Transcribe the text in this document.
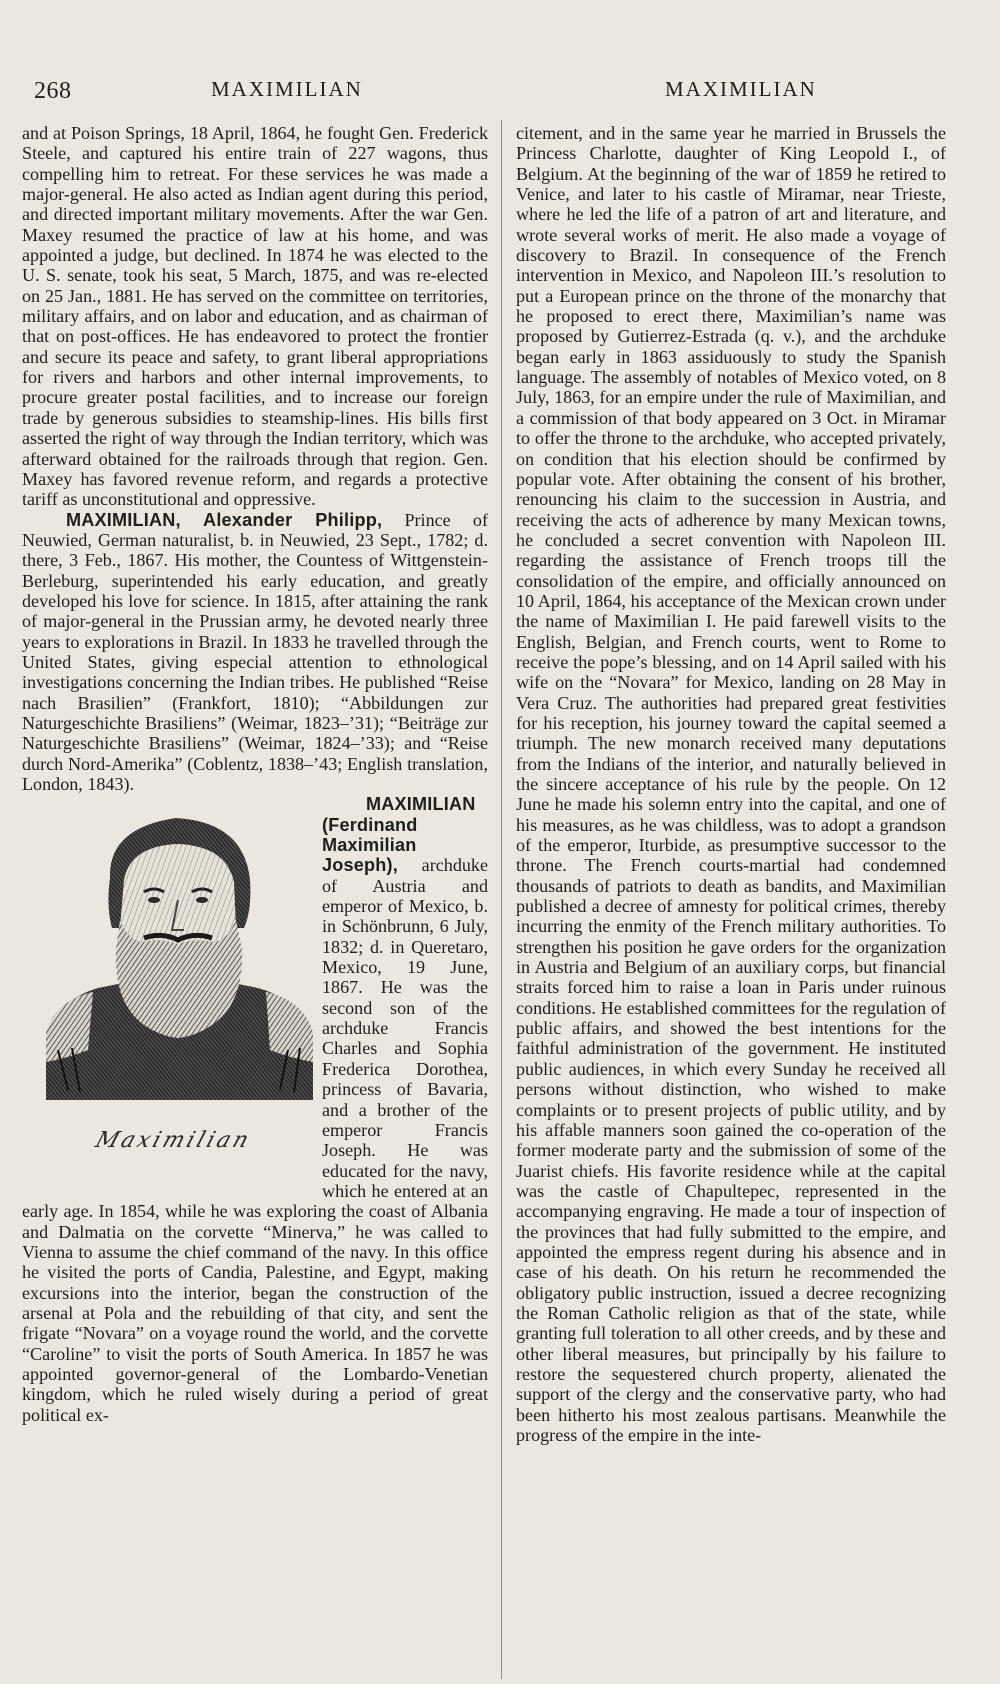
268	MAXIMILIAN	MAXIMILIAN

and at Poison Springs, 18 April, 1864, he fought Gen. Frederick Steele, and captured his entire train of 227 wagons, thus compelling him to retreat. For these services he was made a major-general. He also acted as Indian agent during this period, and directed important military movements. After the war Gen. Maxey resumed the practice of law at his home, and was appointed a judge, but declined. In 1874 he was elected to the U. S. senate, took his seat, 5 March, 1875, and was re-elected on 25 Jan., 1881. He has served on the committee on territories, military affairs, and on labor and education, and as chairman of that on post-offices. He has endeavored to protect the frontier and secure its peace and safety, to grant liberal appropriations for rivers and harbors and other internal improvements, to procure greater postal facilities, and to increase our foreign trade by generous subsidies to steamship-lines. His bills first asserted the right of way through the Indian territory, which was afterward obtained for the railroads through that region. Gen. Maxey has favored revenue reform, and regards a protective tariff as unconstitutional and oppressive.

MAXIMILIAN, Alexander Philipp, Prince of Neuwied, German naturalist, b. in Neuwied, 23 Sept., 1782; d. there, 3 Feb., 1867. His mother, the Countess of Wittgenstein-Berleburg, superintended his early education, and greatly developed his love for science. In 1815, after attaining the rank of major-general in the Prussian army, he devoted nearly three years to explorations in Brazil. In 1833 he travelled through the United States, giving especial attention to ethnological investigations concerning the Indian tribes. He published “Reise nach Brasilien” (Frankfort, 1810); “Abbildungen zur Naturgeschichte Brasiliens” (Weimar, 1823–’31); “Beiträge zur Naturgeschichte Brasiliens” (Weimar, 1824–’33); and “Reise durch Nord-Amerika” (Coblentz, 1838–’43; English translation, London, 1843).

Maximilian
MAXIMILIAN (Ferdinand Maximilian Joseph), archduke of Austria and emperor of Mexico, b. in Schönbrunn, 6 July, 1832; d. in Queretaro, Mexico, 19 June, 1867. He was the second son of the archduke Francis Charles and Sophia Frederica Dorothea, princess of Bavaria, and a brother of the emperor Francis Joseph. He was educated for the navy, which he entered at an early age. In 1854, while he was exploring the coast of Albania and Dalmatia on the corvette “Minerva,” he was called to Vienna to assume the chief command of the navy. In this office he visited the ports of Candia, Palestine, and Egypt, making excursions into the interior, began the construction of the arsenal at Pola and the rebuilding of that city, and sent the frigate “Novara” on a voyage round the world, and the corvette “Caroline” to visit the ports of South America. In 1857 he was appointed governor-general of the Lombardo-Venetian kingdom, which he ruled wisely during a period of great political ex-

citement, and in the same year he married in Brussels the Princess Charlotte, daughter of King Leopold I., of Belgium. At the beginning of the war of 1859 he retired to Venice, and later to his castle of Miramar, near Trieste, where he led the life of a patron of art and literature, and wrote several works of merit. He also made a voyage of discovery to Brazil. In consequence of the French intervention in Mexico, and Napoleon III.’s resolution to put a European prince on the throne of the monarchy that he proposed to erect there, Maximilian’s name was proposed by Gutierrez-Estrada (q. v.), and the archduke began early in 1863 assiduously to study the Spanish language. The assembly of notables of Mexico voted, on 8 July, 1863, for an empire under the rule of Maximilian, and a commission of that body appeared on 3 Oct. in Miramar to offer the throne to the archduke, who accepted privately, on condition that his election should be confirmed by popular vote. After obtaining the consent of his brother, renouncing his claim to the succession in Austria, and receiving the acts of adherence by many Mexican towns, he concluded a secret convention with Napoleon III. regarding the assistance of French troops till the consolidation of the empire, and officially announced on 10 April, 1864, his acceptance of the Mexican crown under the name of Maximilian I. He paid farewell visits to the English, Belgian, and French courts, went to Rome to receive the pope’s blessing, and on 14 April sailed with his wife on the “Novara” for Mexico, landing on 28 May in Vera Cruz. The authorities had prepared great festivities for his reception, his journey toward the capital seemed a triumph. The new monarch received many deputations from the Indians of the interior, and naturally believed in the sincere acceptance of his rule by the people. On 12 June he made his solemn entry into the capital, and one of his measures, as he was childless, was to adopt a grandson of the emperor, Iturbide, as presumptive successor to the throne. The French courts-martial had condemned thousands of patriots to death as bandits, and Maximilian published a decree of amnesty for political crimes, thereby incurring the enmity of the French military authorities. To strengthen his position he gave orders for the organization in Austria and Belgium of an auxiliary corps, but financial straits forced him to raise a loan in Paris under ruinous conditions. He established committees for the regulation of public affairs, and showed the best intentions for the faithful administration of the government. He instituted public audiences, in which every Sunday he received all persons without distinction, who wished to make complaints or to present projects of public utility, and by his affable manners soon gained the co-operation of the former moderate party and the submission of some of the Juarist chiefs. His favorite residence while at the capital was the castle of Chapultepec, represented in the accompanying engraving. He made a tour of inspection of the provinces that had fully submitted to the empire, and appointed the empress regent during his absence and in case of his death. On his return he recommended the obligatory public instruction, issued a decree recognizing the Roman Catholic religion as that of the state, while granting full toleration to all other creeds, and by these and other liberal measures, but principally by his failure to restore the sequestered church property, alienated the support of the clergy and the conservative party, who had been hitherto his most zealous partisans. Meanwhile the progress of the empire in the inte-
